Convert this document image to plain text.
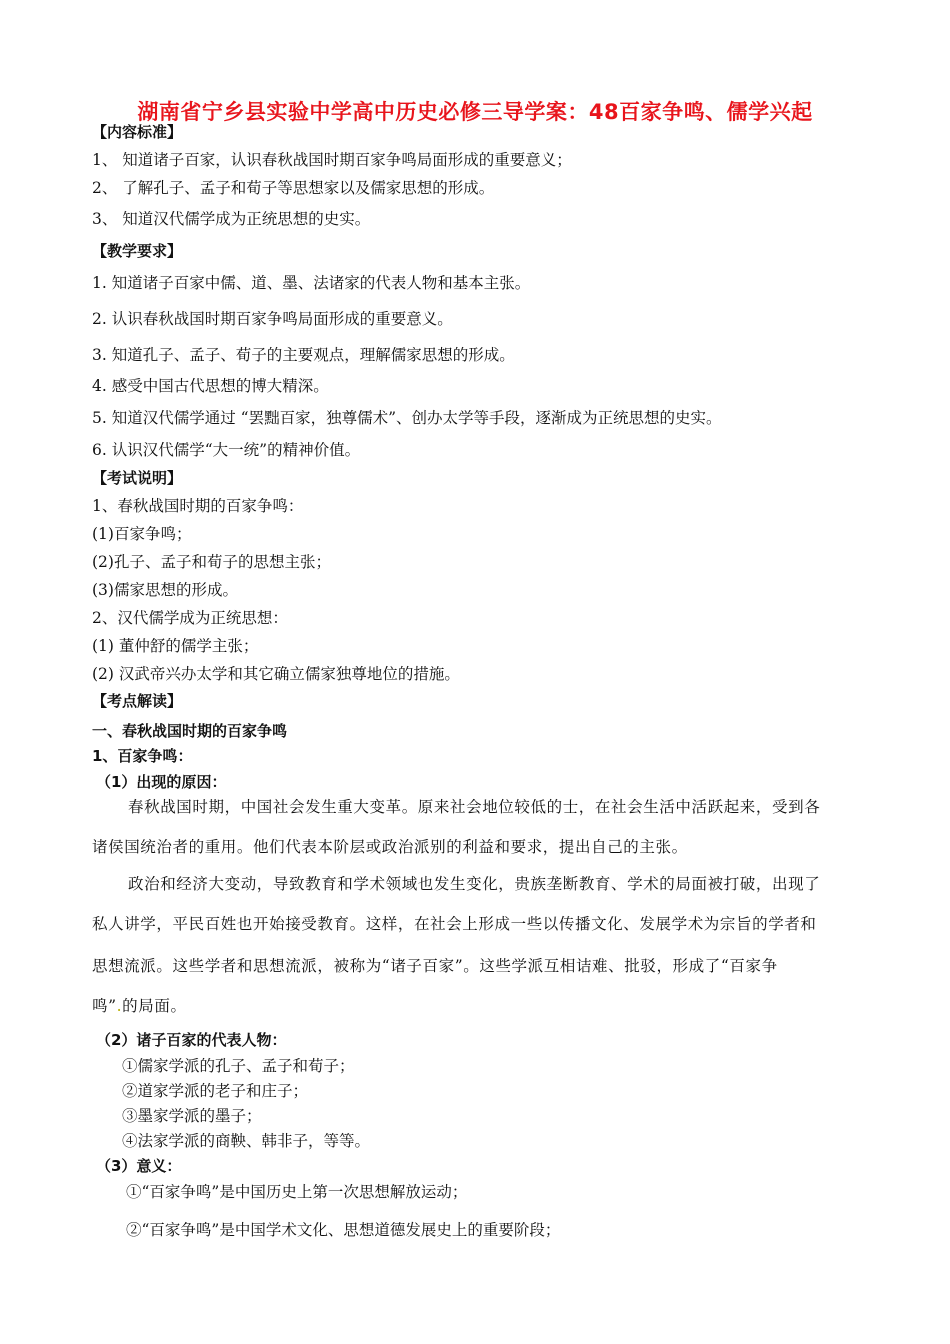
湖南省宁乡县实验中学高中历史必修三导学案：48百家争鸣、儒学兴起
【内容标准】
1、 知道诸子百家，认识春秋战国时期百家争鸣局面形成的重要意义；
2、 了解孔子、孟子和荀子等思想家以及儒家思想的形成。
3、 知道汉代儒学成为正统思想的史实。
【教学要求】
1. 知道诸子百家中儒、道、墨、法诸家的代表人物和基本主张。
2. 认识春秋战国时期百家争鸣局面形成的重要意义。
3. 知道孔子、孟子、荀子的主要观点，理解儒家思想的形成。
4. 感受中国古代思想的博大精深。
5. 知道汉代儒学通过 “罢黜百家，独尊儒术”、创办太学等手段，逐渐成为正统思想的史实。
6. 认识汉代儒学“大一统”的精神价值。
【考试说明】
1、春秋战国时期的百家争鸣：
(1)百家争鸣；
(2)孔子、孟子和荀子的思想主张；
(3)儒家思想的形成。
2、汉代儒学成为正统思想：
(1) 董仲舒的儒学主张；
(2) 汉武帝兴办太学和其它确立儒家独尊地位的措施。
【考点解读】
一、春秋战国时期的百家争鸣
1、百家争鸣：
（1）出现的原因：
春秋战国时期，中国社会发生重大变革。原来社会地位较低的士，在社会生活中活跃起来，受到各
诸侯国统治者的重用。他们代表本阶层或政治派别的利益和要求，提出自己的主张。
政治和经济大变动，导致教育和学术领域也发生变化，贵族垄断教育、学术的局面被打破，出现了
私人讲学，平民百姓也开始接受教育。这样，在社会上形成一些以传播文化、发展学术为宗旨的学者和
思想流派。这些学者和思想流派，被称为“诸子百家”。这些学派互相诘难、批驳，形成了“百家争
鸣”.的局面。
（2）诸子百家的代表人物：
①儒家学派的孔子、孟子和荀子；
②道家学派的老子和庄子；
③墨家学派的墨子；
④法家学派的商鞅、韩非子，等等。
（3）意义：
①“百家争鸣”是中国历史上第一次思想解放运动；
②“百家争鸣”是中国学术文化、思想道德发展史上的重要阶段；
